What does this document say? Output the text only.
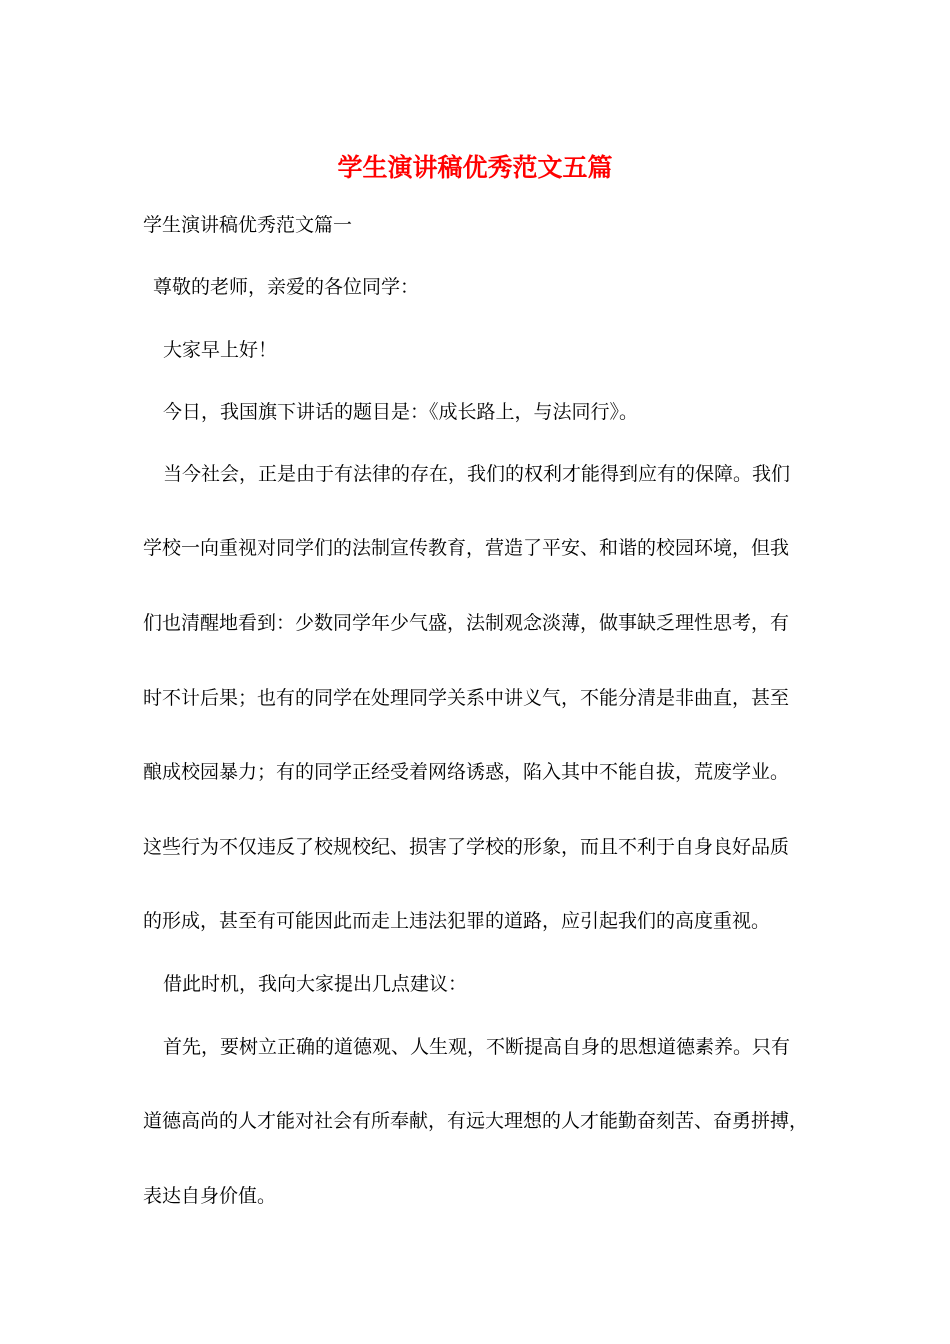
学生演讲稿优秀范文五篇

学生演讲稿优秀范文篇一

尊敬的老师，亲爱的各位同学：

大家早上好！

今日，我国旗下讲话的题目是：《成长路上，与法同行》。

当今社会，正是由于有法律的存在，我们的权利才能得到应有的保障。我们

学校一向重视对同学们的法制宣传教育，营造了平安、和谐的校园环境，但我

们也清醒地看到：少数同学年少气盛，法制观念淡薄，做事缺乏理性思考，有

时不计后果；也有的同学在处理同学关系中讲义气，不能分清是非曲直，甚至

酿成校园暴力；有的同学正经受着网络诱惑，陷入其中不能自拔，荒废学业。

这些行为不仅违反了校规校纪、损害了学校的形象，而且不利于自身良好品质

的形成，甚至有可能因此而走上违法犯罪的道路，应引起我们的高度重视。

借此时机，我向大家提出几点建议：

首先，要树立正确的道德观、人生观，不断提高自身的思想道德素养。只有

道德高尚的人才能对社会有所奉献，有远大理想的人才能勤奋刻苦、奋勇拼搏，

表达自身价值。
